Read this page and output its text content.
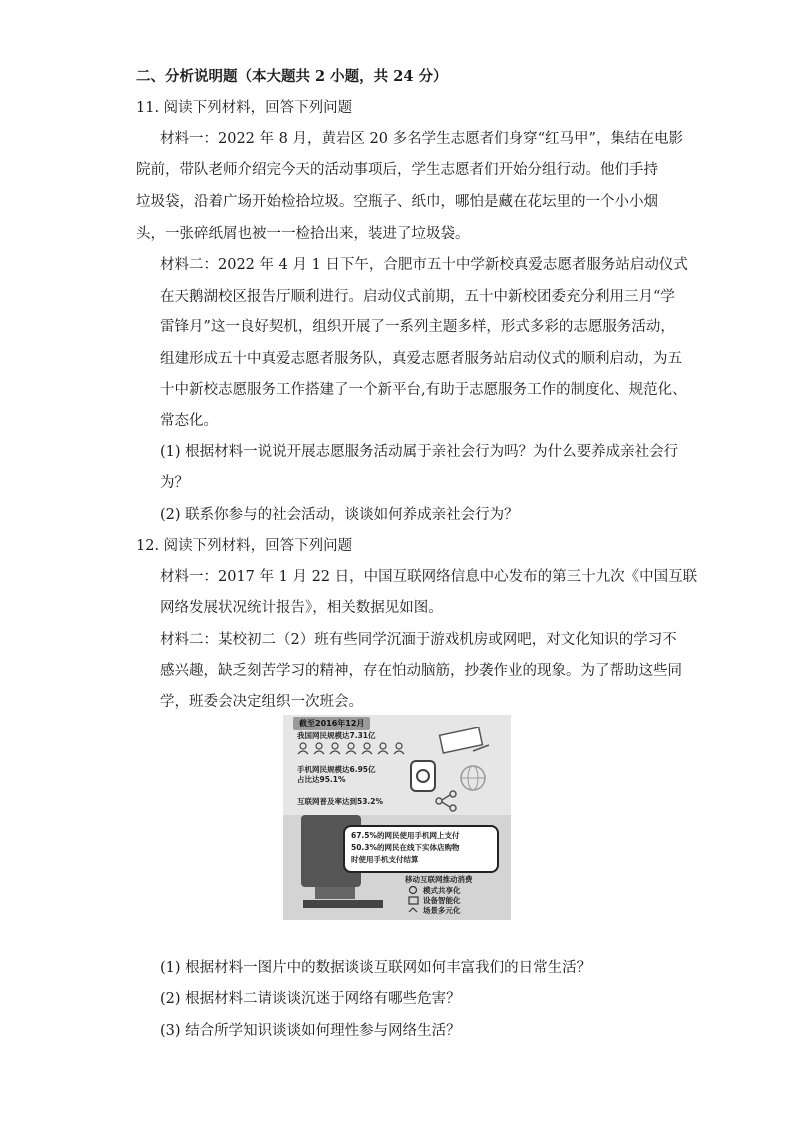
二、分析说明题（本大题共 2 小题，共 24 分）
11. 阅读下列材料，回答下列问题
材料一：2022 年 8 月，黄岩区 20 多名学生志愿者们身穿“红马甲”，集结在电影
院前，带队老师介绍完今天的活动事项后，学生志愿者们开始分组行动。他们手持
垃圾袋，沿着广场开始检拾垃圾。空瓶子、纸巾，哪怕是藏在花坛里的一个小小烟
头，一张碎纸屑也被一一检拾出来，装进了垃圾袋。
材料二：2022 年 4 月 1 日下午，合肥市五十中学新校真爱志愿者服务站启动仪式
在天鹅湖校区报告厅顺利进行。启动仪式前期，五十中新校团委充分利用三月“学
雷锋月”这一良好契机，组织开展了一系列主题多样，形式多彩的志愿服务活动，
组建形成五十中真爱志愿者服务队，真爱志愿者服务站启动仪式的顺利启动，为五
十中新校志愿服务工作搭建了一个新平台,有助于志愿服务工作的制度化、规范化、
常态化。
(1) 根据材料一说说开展志愿服务活动属于亲社会行为吗？为什么要养成亲社会行
为？
(2) 联系你参与的社会活动，谈谈如何养成亲社会行为？
12. 阅读下列材料，回答下列问题
材料一：2017 年 1 月 22 日，中国互联网络信息中心发布的第三十九次《中国互联
网络发展状况统计报告》，相关数据见如图。
材料二：某校初二（2）班有些同学沉湎于游戏机房或网吧，对文化知识的学习不
感兴趣，缺乏刻苦学习的精神，存在怕动脑筋，抄袭作业的现象。为了帮助这些同
学，班委会决定组织一次班会。
截至2016年12月
我国网民规模达7.31亿
手机网民规模达6.95亿
占比达95.1%
互联网普及率达到53.2%
67.5%的网民使用手机网上支付
50.3%的网民在线下实体店购物
时使用手机支付结算
移动互联网推动消费
模式共享化
设备智能化
场景多元化
(1) 根据材料一图片中的数据谈谈互联网如何丰富我们的日常生活？
(2) 根据材料二请谈谈沉迷于网络有哪些危害？
(3) 结合所学知识谈谈如何理性参与网络生活？
